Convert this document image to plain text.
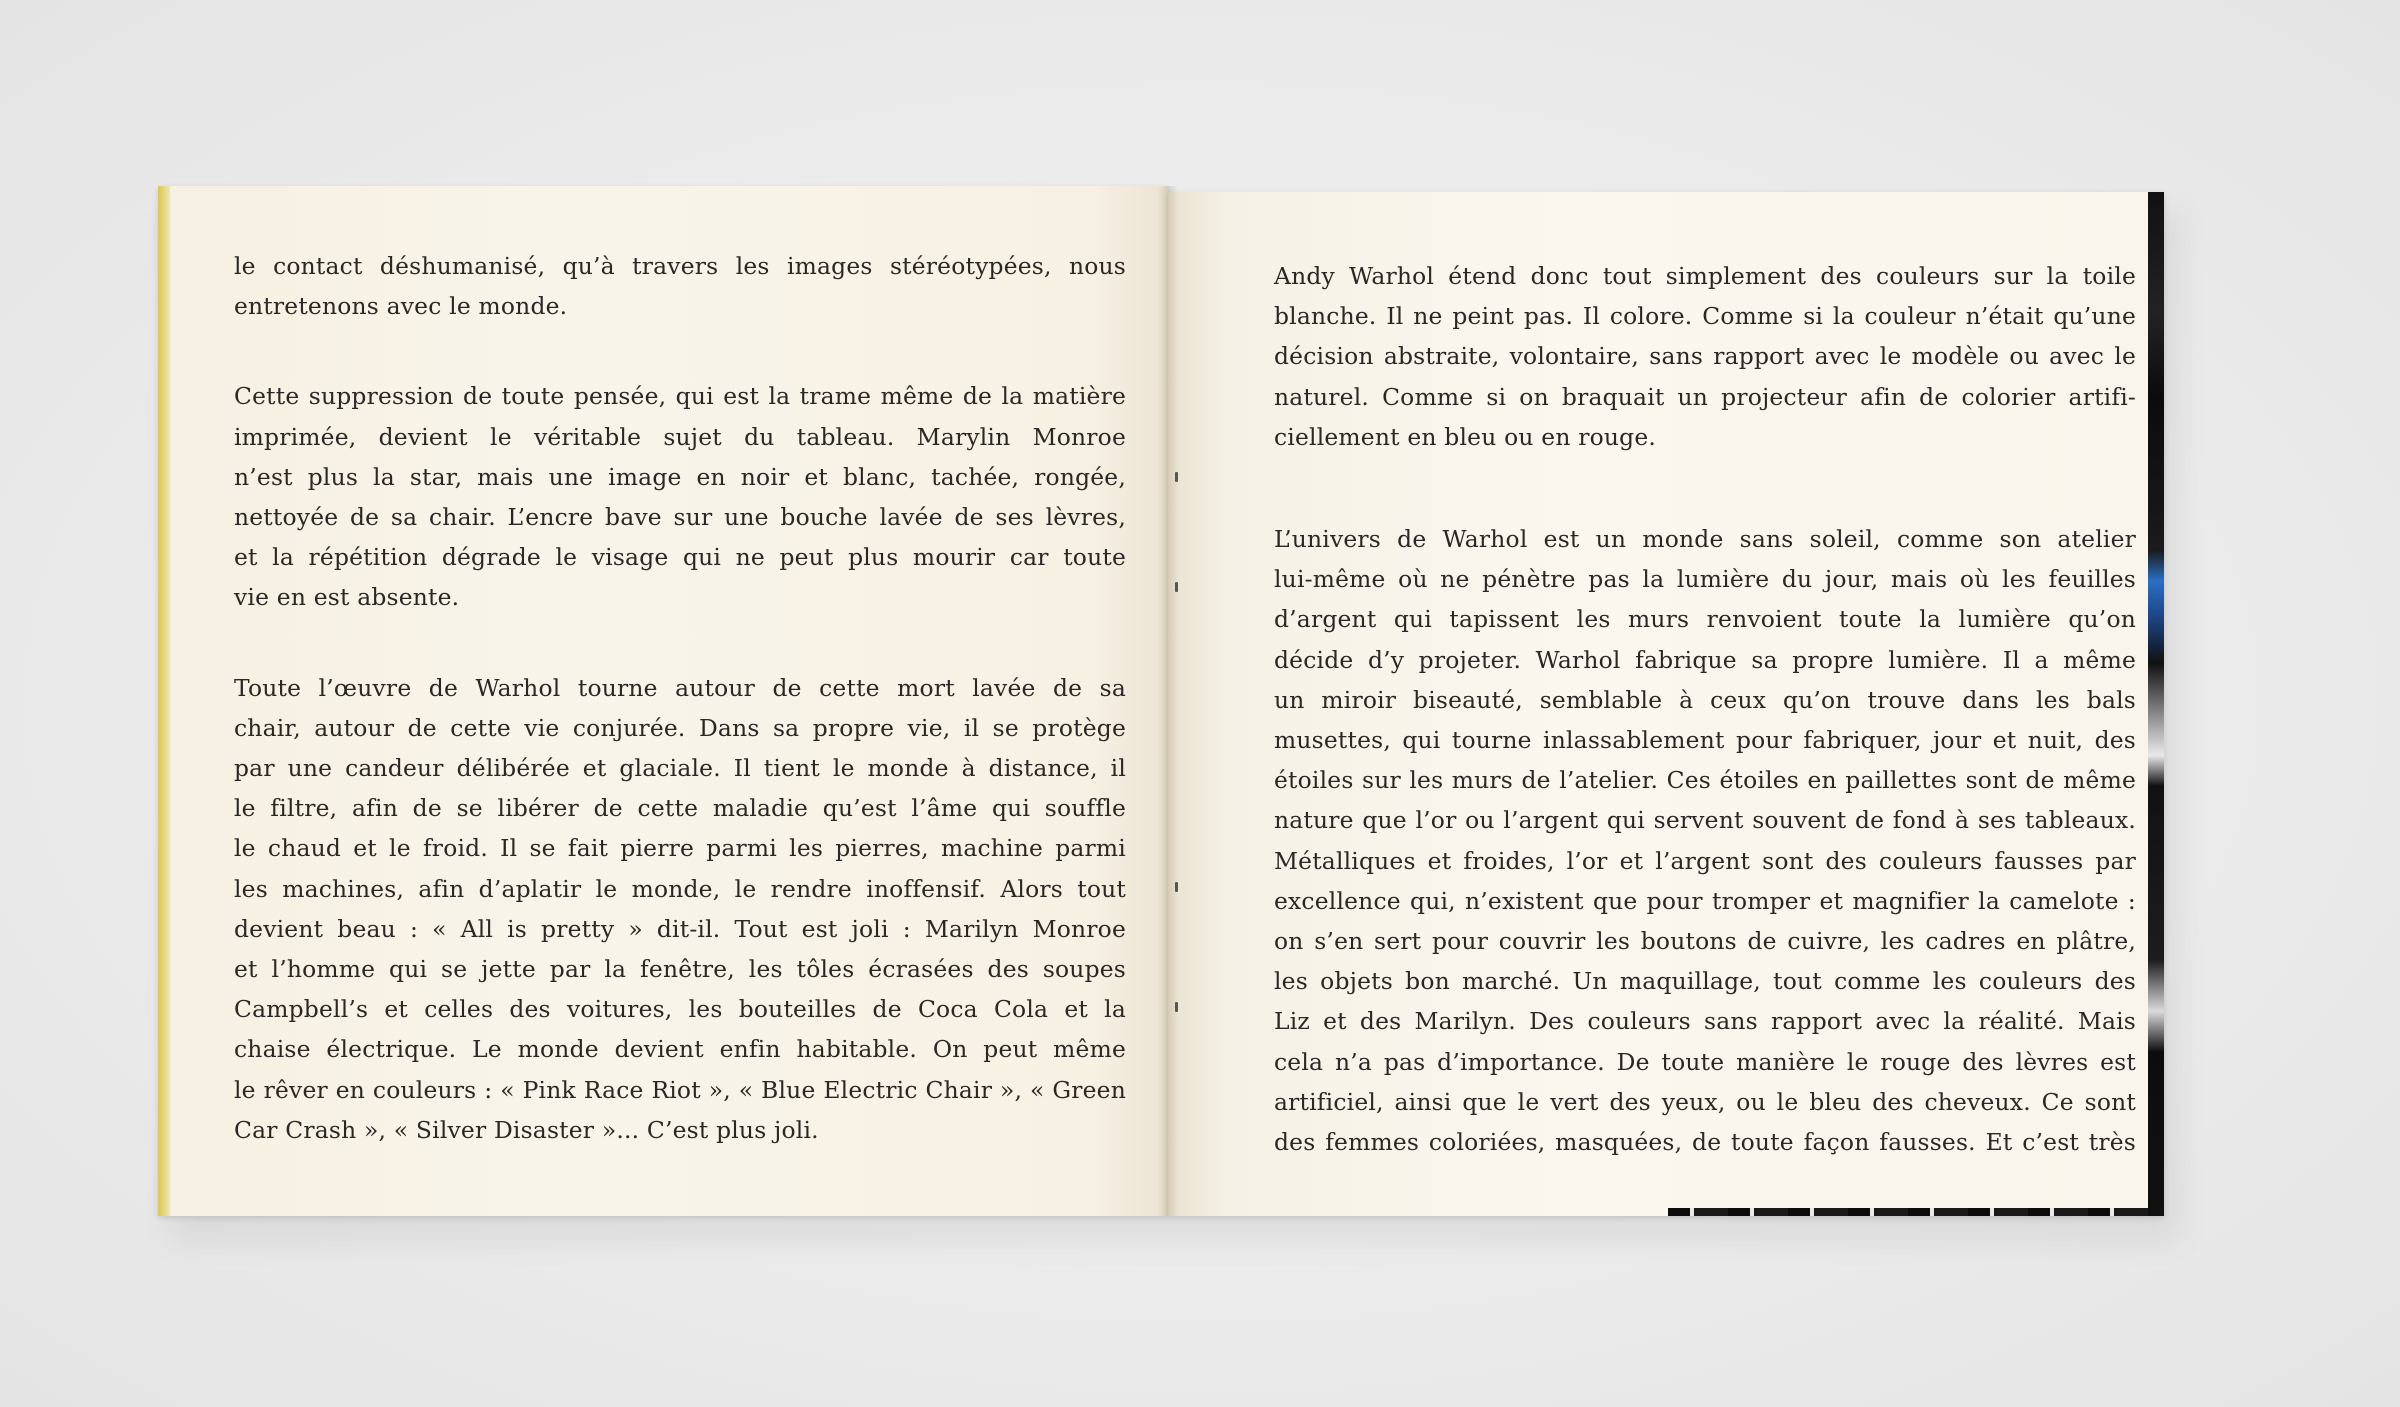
le contact déshumanisé, qu’à travers les images stéréotypées, nous

entretenons avec le monde.

Cette suppression de toute pensée, qui est la trame même de la matière

imprimée, devient le véritable sujet du tableau. Marylin Monroe

n’est plus la star, mais une image en noir et blanc, tachée, rongée,

nettoyée de sa chair. L’encre bave sur une bouche lavée de ses lèvres,

et la répétition dégrade le visage qui ne peut plus mourir car toute

vie en est absente.

Toute l’œuvre de Warhol tourne autour de cette mort lavée de sa

chair, autour de cette vie conjurée. Dans sa propre vie, il se protège

par une candeur délibérée et glaciale. Il tient le monde à distance, il

le filtre, afin de se libérer de cette maladie qu’est l’âme qui souffle

le chaud et le froid. Il se fait pierre parmi les pierres, machine parmi

les machines, afin d’aplatir le monde, le rendre inoffensif. Alors tout

devient beau : « All is pretty » dit-il. Tout est joli : Marilyn Monroe

et l’homme qui se jette par la fenêtre, les tôles écrasées des soupes

Campbell’s et celles des voitures, les bouteilles de Coca Cola et la

chaise électrique. Le monde devient enfin habitable. On peut même

le rêver en couleurs : « Pink Race Riot », « Blue Electric Chair », « Green

Car Crash », « Silver Disaster »... C’est plus joli.

Andy Warhol étend donc tout simplement des couleurs sur la toile

blanche. Il ne peint pas. Il colore. Comme si la couleur n’était qu’une

décision abstraite, volontaire, sans rapport avec le modèle ou avec le

naturel. Comme si on braquait un projecteur afin de colorier artifi-

ciellement en bleu ou en rouge.

L’univers de Warhol est un monde sans soleil, comme son atelier

lui-même où ne pénètre pas la lumière du jour, mais où les feuilles

d’argent qui tapissent les murs renvoient toute la lumière qu’on

décide d’y projeter. Warhol fabrique sa propre lumière. Il a même

un miroir biseauté, semblable à ceux qu’on trouve dans les bals

musettes, qui tourne inlassablement pour fabriquer, jour et nuit, des

étoiles sur les murs de l’atelier. Ces étoiles en paillettes sont de même

nature que l’or ou l’argent qui servent souvent de fond à ses tableaux.

Métalliques et froides, l’or et l’argent sont des couleurs fausses par

excellence qui, n’existent que pour tromper et magnifier la camelote :

on s’en sert pour couvrir les boutons de cuivre, les cadres en plâtre,

les objets bon marché. Un maquillage, tout comme les couleurs des

Liz et des Marilyn. Des couleurs sans rapport avec la réalité. Mais

cela n’a pas d’importance. De toute manière le rouge des lèvres est

artificiel, ainsi que le vert des yeux, ou le bleu des cheveux. Ce sont

des femmes coloriées, masquées, de toute façon fausses. Et c’est très
